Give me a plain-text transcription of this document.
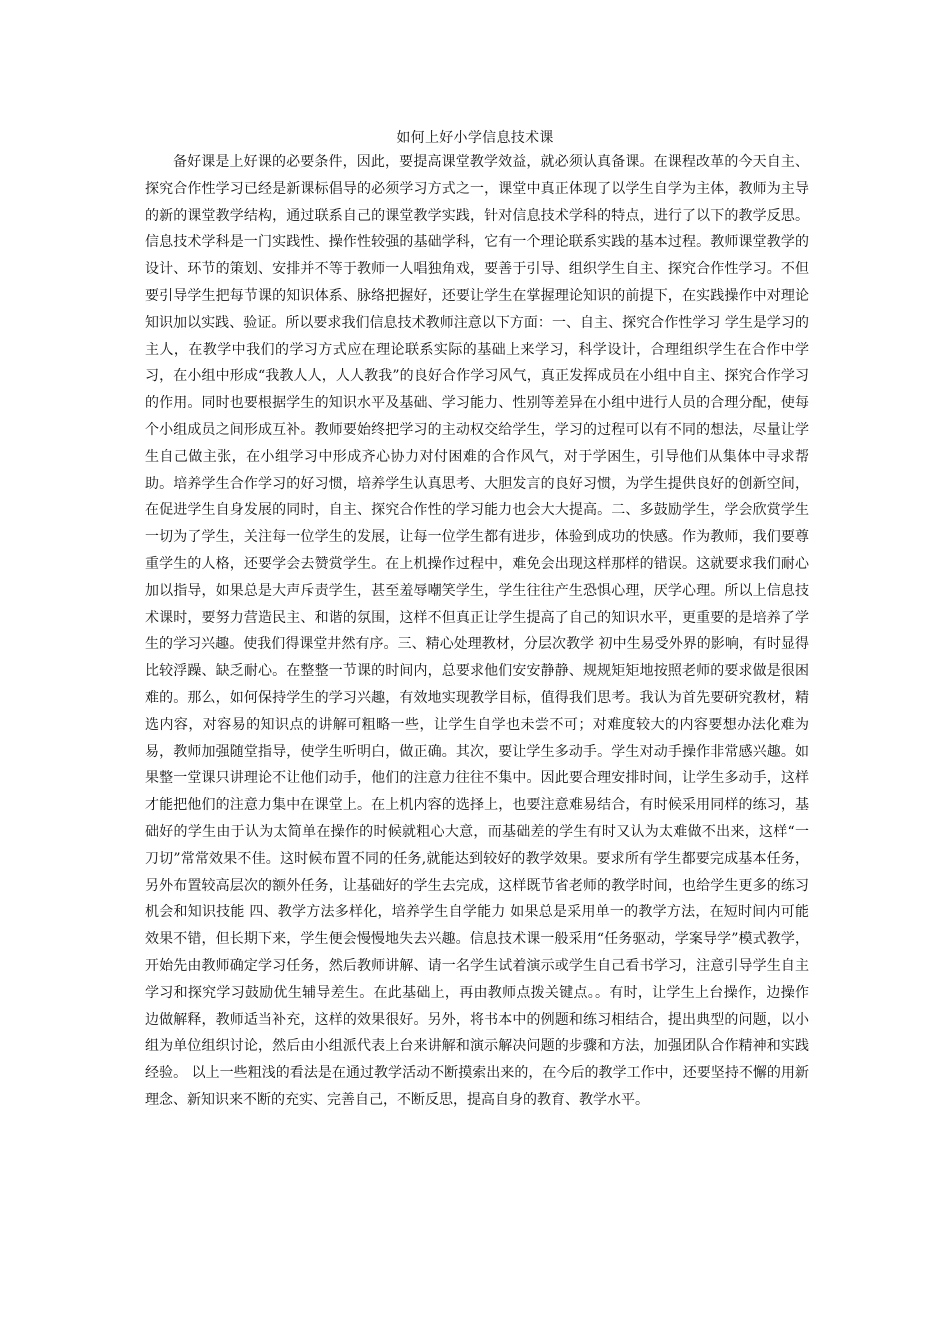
如何上好小学信息技术课

备好课是上好课的必要条件，因此，要提高课堂教学效益，就必须认真备课。在课程改革的今天自主、探究合作性学习已经是新课标倡导的必须学习方式之一，课堂中真正体现了以学生自学为主体，教师为主导的新的课堂教学结构，通过联系自己的课堂教学实践，针对信息技术学科的特点，进行了以下的教学反思。信息技术学科是一门实践性、操作性较强的基础学科，它有一个理论联系实践的基本过程。教师课堂教学的设计、环节的策划、安排并不等于教师一人唱独角戏，要善于引导、组织学生自主、探究合作性学习。不但要引导学生把每节课的知识体系、脉络把握好，还要让学生在掌握理论知识的前提下，在实践操作中对理论知识加以实践、验证。所以要求我们信息技术教师注意以下方面：一、自主、探究合作性学习 学生是学习的主人，在教学中我们的学习方式应在理论联系实际的基础上来学习，科学设计，合理组织学生在合作中学习，在小组中形成“我教人人，人人教我”的良好合作学习风气，真正发挥成员在小组中自主、探究合作学习的作用。同时也要根据学生的知识水平及基础、学习能力、性别等差异在小组中进行人员的合理分配，使每个小组成员之间形成互补。教师要始终把学习的主动权交给学生，学习的过程可以有不同的想法，尽量让学生自己做主张，在小组学习中形成齐心协力对付困难的合作风气，对于学困生，引导他们从集体中寻求帮助。培养学生合作学习的好习惯，培养学生认真思考、大胆发言的良好习惯，为学生提供良好的创新空间，在促进学生自身发展的同时，自主、探究合作性的学习能力也会大大提高。二、多鼓励学生，学会欣赏学生 一切为了学生，关注每一位学生的发展，让每一位学生都有进步，体验到成功的快感。作为教师，我们要尊重学生的人格，还要学会去赞赏学生。在上机操作过程中，难免会出现这样那样的错误。这就要求我们耐心加以指导，如果总是大声斥责学生，甚至羞辱嘲笑学生，学生往往产生恐惧心理，厌学心理。所以上信息技术课时，要努力营造民主、和谐的氛围，这样不但真正让学生提高了自己的知识水平，更重要的是培养了学生的学习兴趣。使我们得课堂井然有序。三、精心处理教材，分层次教学 初中生易受外界的影响，有时显得比较浮躁、缺乏耐心。在整整一节课的时间内，总要求他们安安静静、规规矩矩地按照老师的要求做是很困难的。那么，如何保持学生的学习兴趣，有效地实现教学目标，值得我们思考。我认为首先要研究教材，精选内容，对容易的知识点的讲解可粗略一些，让学生自学也未尝不可；对难度较大的内容要想办法化难为易，教师加强随堂指导，使学生听明白，做正确。其次，要让学生多动手。学生对动手操作非常感兴趣。如果整一堂课只讲理论不让他们动手，他们的注意力往往不集中。因此要合理安排时间，让学生多动手，这样才能把他们的注意力集中在课堂上。在上机内容的选择上，也要注意难易结合，有时候采用同样的练习，基础好的学生由于认为太简单在操作的时候就粗心大意，而基础差的学生有时又认为太难做不出来，这样“一刀切”常常效果不佳。这时候布置不同的任务,就能达到较好的教学效果。要求所有学生都要完成基本任务，另外布置较高层次的额外任务，让基础好的学生去完成，这样既节省老师的教学时间，也给学生更多的练习机会和知识技能 四、教学方法多样化，培养学生自学能力 如果总是采用单一的教学方法，在短时间内可能效果不错，但长期下来，学生便会慢慢地失去兴趣。信息技术课一般采用“任务驱动，学案导学”模式教学，开始先由教师确定学习任务，然后教师讲解、请一名学生试着演示或学生自己看书学习，注意引导学生自主学习和探究学习鼓励优生辅导差生。在此基础上，再由教师点拨关键点。。有时，让学生上台操作，边操作边做解释，教师适当补充，这样的效果很好。另外，将书本中的例题和练习相结合，提出典型的问题，以小组为单位组织讨论，然后由小组派代表上台来讲解和演示解决问题的步骤和方法，加强团队合作精神和实践经验。 以上一些粗浅的看法是在通过教学活动不断摸索出来的，在今后的教学工作中，还要坚持不懈的用新理念、新知识来不断的充实、完善自己，不断反思，提高自身的教育、教学水平。
